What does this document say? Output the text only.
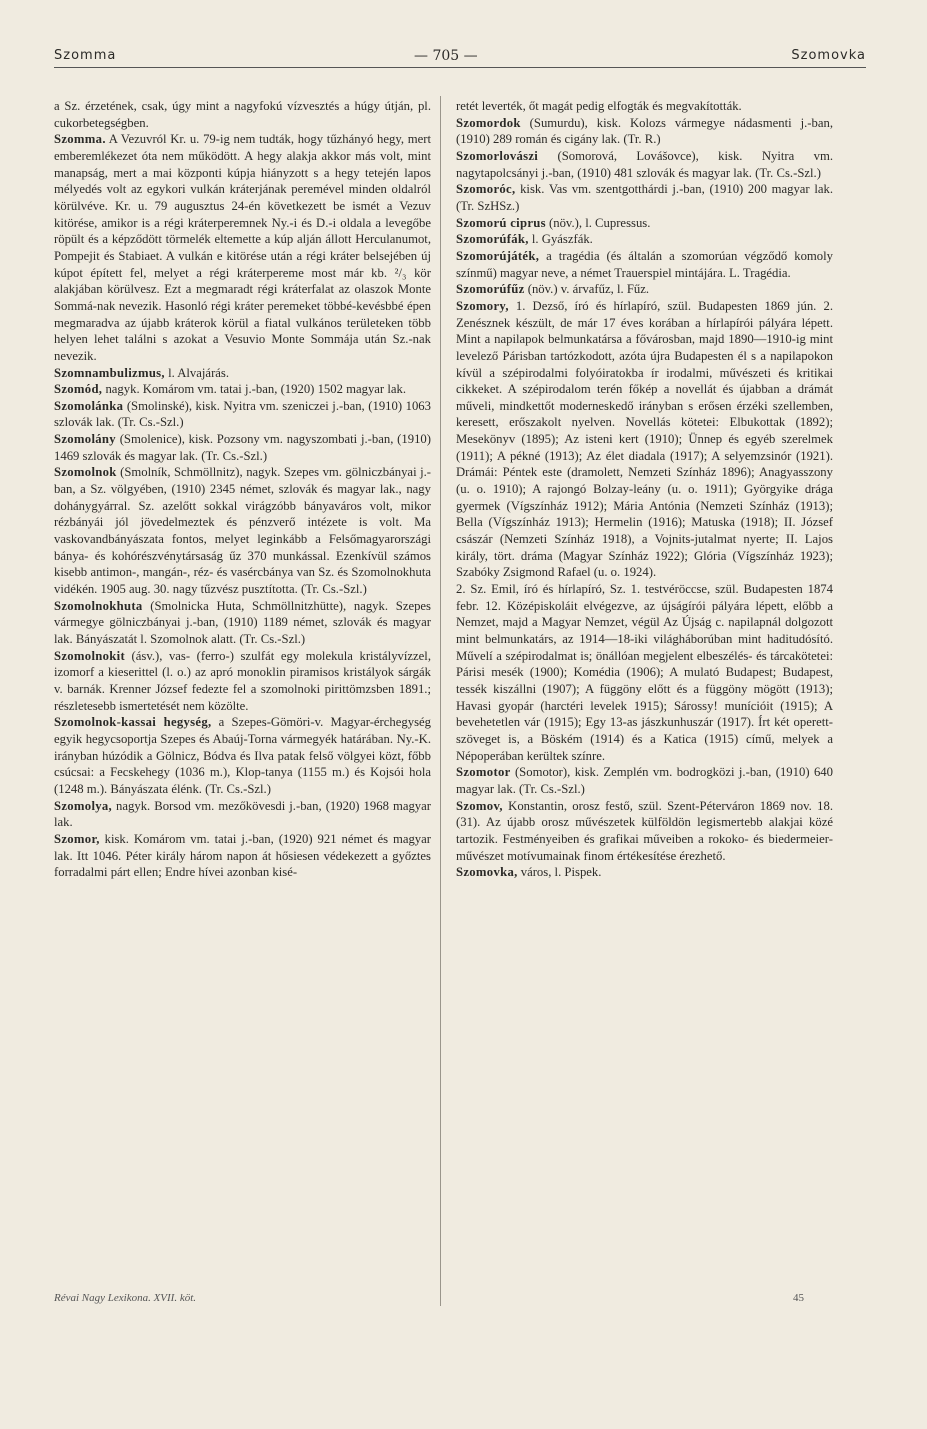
Szomma	— 705 —	Szomovka

a Sz. érzetének, csak, úgy mint a nagyfokú vízvesztés a húgy útján, pl. cukorbetegségben.

Szomma. A Vezuvról Kr. u. 79-ig nem tudták, hogy tűzhányó hegy, mert emberemlékezet óta nem működött. A hegy alakja akkor más volt, mint manapság, mert a mai központi kúpja hiányzott s a hegy tetején lapos mélyedés volt az egykori vulkán kráterjának peremével minden oldalról körülvéve. Kr. u. 79 augusztus 24-én következett be ismét a Vezuv kitörése, amikor is a régi kráterperemnek Ny.-i és D.-i oldala a levegőbe röpült és a képződött törmelék eltemette a kúp alján állott Herculanumot, Pompejit és Stabiaet. A vulkán e kitörése után a régi kráter belsejében új kúpot épített fel, melyet a régi kráterpereme most már kb. ²/₃ kör alakjában körülvesz. Ezt a megmaradt régi kráterfalat az olaszok Monte Sommá-nak nevezik. Hasonló régi kráter peremeket többé-kevésbbé épen megmaradva az újabb kráterok körül a fiatal vulkános területeken több helyen lehet találni s azokat a Vesuvio Monte Sommája után Sz.-nak nevezik.

Szomnambulizmus, l. Alvajárás.

Szomód, nagyk. Komárom vm. tatai j.-ban, (1920) 1502 magyar lak.

Szomolánka (Smolinské), kisk. Nyitra vm. szeniczei j.-ban, (1910) 1063 szlovák lak. (Tr. Cs.-Szl.)

Szomolány (Smolenice), kisk. Pozsony vm. nagyszombati j.-ban, (1910) 1469 szlovák és magyar lak. (Tr. Cs.-Szl.)

Szomolnok (Smolník, Schmöllnitz), nagyk. Szepes vm. gölniczbányai j.-ban, a Sz. völgyében, (1910) 2345 német, szlovák és magyar lak., nagy dohánygyárral. Sz. azelőtt sokkal virágzóbb bányaváros volt, mikor rézbányái jól jövedelmeztek és pénzverő intézete is volt. Ma vaskovandbányászata fontos, melyet leginkább a Felsőmagyarországi bánya- és kohórészvénytársaság űz 370 munkással. Ezenkívül számos kisebb antimon-, mangán-, réz- és vasércbánya van Sz. és Szomolnokhuta vidékén. 1905 aug. 30. nagy tűzvész pusztította. (Tr. Cs.-Szl.)

Szomolnokhuta (Smolnicka Huta, Schmöllnitzhütte), nagyk. Szepes vármegye gölniczbányai j.-ban, (1910) 1189 német, szlovák és magyar lak. Bányászatát l. Szomolnok alatt. (Tr. Cs.-Szl.)

Szomolnokit (ásv.), vas- (ferro-) szulfát egy molekula kristályvízzel, izomorf a kieserittel (l. o.) az apró monoklin piramisos kristályok sárgák v. barnák. Krenner József fedezte fel a szomolnoki pirittömzsben 1891.; részletesebb ismertetését nem közölte.

Szomolnok-kassai hegység, a Szepes-Gömöri-v. Magyar-érchegység egyik hegycsoportja Szepes és Abaúj-Torna vármegyék határában. Ny.-K. irányban húzódik a Gölnicz, Bódva és Ilva patak felső völgyei közt, főbb csúcsai: a Fecskehegy (1036 m.), Klop-tanya (1155 m.) és Kojsói hola (1248 m.). Bányászata élénk. (Tr. Cs.-Szl.)

Szomolya, nagyk. Borsod vm. mezőkövesdi j.-ban, (1920) 1968 magyar lak.

Szomor, kisk. Komárom vm. tatai j.-ban, (1920) 921 német és magyar lak. Itt 1046. Péter király három napon át hősiesen védekezett a győztes forradalmi párt ellen; Endre hívei azonban kisé-

retét leverték, őt magát pedig elfogták és megvakították.

Szomordok (Sumurdu), kisk. Kolozs vármegye nádasmenti j.-ban, (1910) 289 román és cigány lak. (Tr. R.)

Szomorlovászi (Somorová, Lovášovce), kisk. Nyitra vm. nagytapolcsányi j.-ban, (1910) 481 szlovák és magyar lak. (Tr. Cs.-Szl.)

Szomoróc, kisk. Vas vm. szentgotthárdi j.-ban, (1910) 200 magyar lak. (Tr. SzHSz.)

Szomorú ciprus (növ.), l. Cupressus.

Szomorúfák, l. Gyászfák.

Szomorújáték, a tragédia (és általán a szomorúan végződő komoly színmű) magyar neve, a német Trauerspiel mintájára. L. Tragédia.

Szomorúfűz (növ.) v. árvafűz, l. Fűz.

Szomory, 1. Dezső, író és hírlapíró, szül. Budapesten 1869 jún. 2. Zenésznek készült, de már 17 éves korában a hírlapírói pályára lépett. Mint a napilapok belmunkatársa a fővárosban, majd 1890—1910-ig mint levelező Párisban tartózkodott, azóta újra Budapesten él s a napilapokon kívül a szépirodalmi folyóiratokba ír irodalmi, művészeti és kritikai cikkeket. A szépirodalom terén főkép a novellát és újabban a drámát műveli, mindkettőt moderneskedő irányban s erősen érzéki szellemben, keresett, erőszakolt nyelven. Novellás kötetei: Elbukottak (1892); Mesekönyv (1895); Az isteni kert (1910); Ünnep és egyéb szerelmek (1911); A pékné (1913); Az élet diadala (1917); A selyemzsinór (1921). Drámái: Péntek este (dramolett, Nemzeti Színház 1896); Anagyasszony (u. o. 1910); A rajongó Bolzay-leány (u. o. 1911); Györgyike drága gyermek (Vígszínház 1912); Mária Antónia (Nemzeti Színház (1913); Bella (Vígszínház 1913); Hermelin (1916); Matuska (1918); II. József császár (Nemzeti Színház 1918), a Vojnits-jutalmat nyerte; II. Lajos király, tört. dráma (Magyar Színház 1922); Glória (Vígszínház 1923); Szabóky Zsigmond Rafael (u. o. 1924).

2. Sz. Emil, író és hírlapíró, Sz. 1. testvéröccse, szül. Budapesten 1874 febr. 12. Középiskoláit elvégezve, az újságírói pályára lépett, előbb a Nemzet, majd a Magyar Nemzet, végül Az Újság c. napilapnál dolgozott mint belmunkatárs, az 1914—18-iki világháborúban mint haditudósító. Művelí a szépirodalmat is; önállóan megjelent elbeszélés- és tárcakötetei: Párisi mesék (1900); Komédia (1906); A mulató Budapest; Budapest, tessék kiszállni (1907); A függöny előtt és a függöny mögött (1913); Havasi gyopár (harctéri levelek 1915); Sárossy! munícióit (1915); A bevehetetlen vár (1915); Egy 13-as jászkunhuszár (1917). Írt két operett-szöveget is, a Böském (1914) és a Katica (1915) című, melyek a Népoperában kerültek színre.

Szomotor (Somotor), kisk. Zemplén vm. bodrogközi j.-ban, (1910) 640 magyar lak. (Tr. Cs.-Szl.)

Szomov, Konstantin, orosz festő, szül. Szent-Péterváron 1869 nov. 18. (31). Az újabb orosz művészetek külföldön legismertebb alakjai közé tartozik. Festményeiben és grafikai műveiben a rokoko- és biedermeier-művészet motívumainak finom értékesítése érezhető.

Szomovka, város, l. Pispek.

Révai Nagy Lexikona. XVII. köt.	45
